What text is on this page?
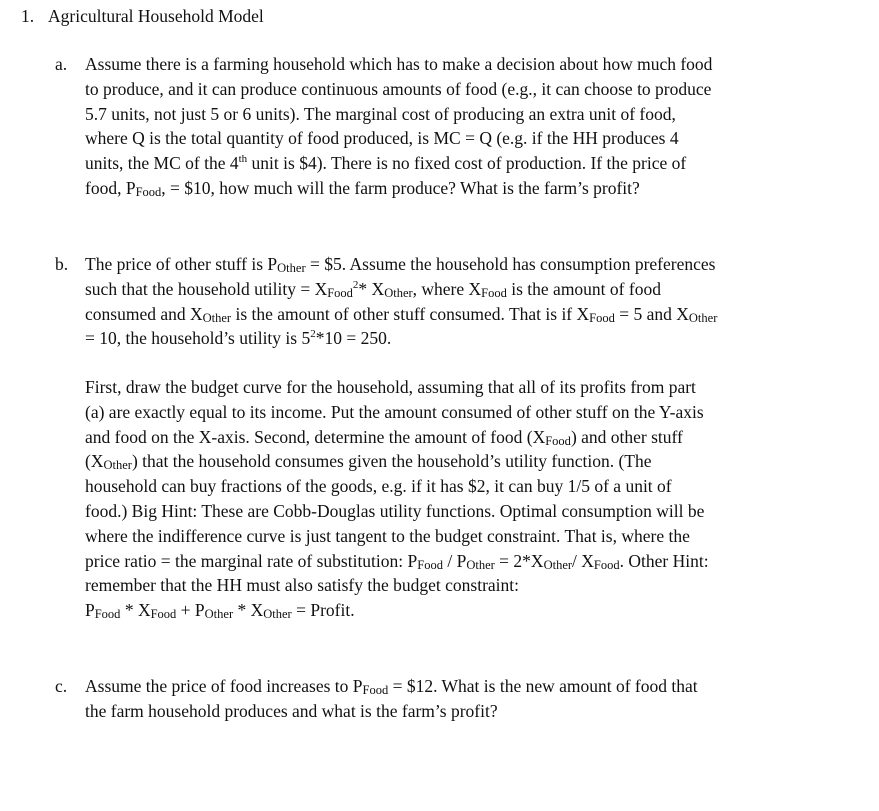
1. Agricultural Household Model
a. Assume there is a farming household which has to make a decision about how much food

to produce, and it can produce continuous amounts of food (e.g., it can choose to produce

5.7 units, not just 5 or 6 units). The marginal cost of producing an extra unit of food,

where Q is the total quantity of food produced, is MC = Q (e.g. if the HH produces 4

units, the MC of the 4th unit is $4). There is no fixed cost of production. If the price of

food, PFood, = $10, how much will the farm produce? What is the farm’s profit?

b. The price of other stuff is POther = $5. Assume the household has consumption preferences

such that the household utility = XFood$^2$* XOther, where XFood is the amount of food

consumed and XOther is the amount of other stuff consumed. That is if XFood = 5 and XOther

= 10, the household’s utility is $5^2*10 = 250$.

First, draw the budget curve for the household, assuming that all of its profits from part

(a) are exactly equal to its income. Put the amount consumed of other stuff on the Y-axis

and food on the X-axis. Second, determine the amount of food (XFood) and other stuff

(XOther) that the household consumes given the household’s utility function. (The

household can buy fractions of the goods, e.g. if it has $2, it can buy 1/5 of a unit of

food.) Big Hint: These are Cobb-Douglas utility functions. Optimal consumption will be

where the indifference curve is just tangent to the budget constraint. That is, where the

price ratio = the marginal rate of substitution: PFood / POther = 2*XOther/ XFood. Other Hint:

remember that the HH must also satisfy the budget constraint:

PFood * XFood + POther * XOther = Profit.

c. Assume the price of food increases to PFood = $12. What is the new amount of food that

the farm household produces and what is the farm’s profit?
